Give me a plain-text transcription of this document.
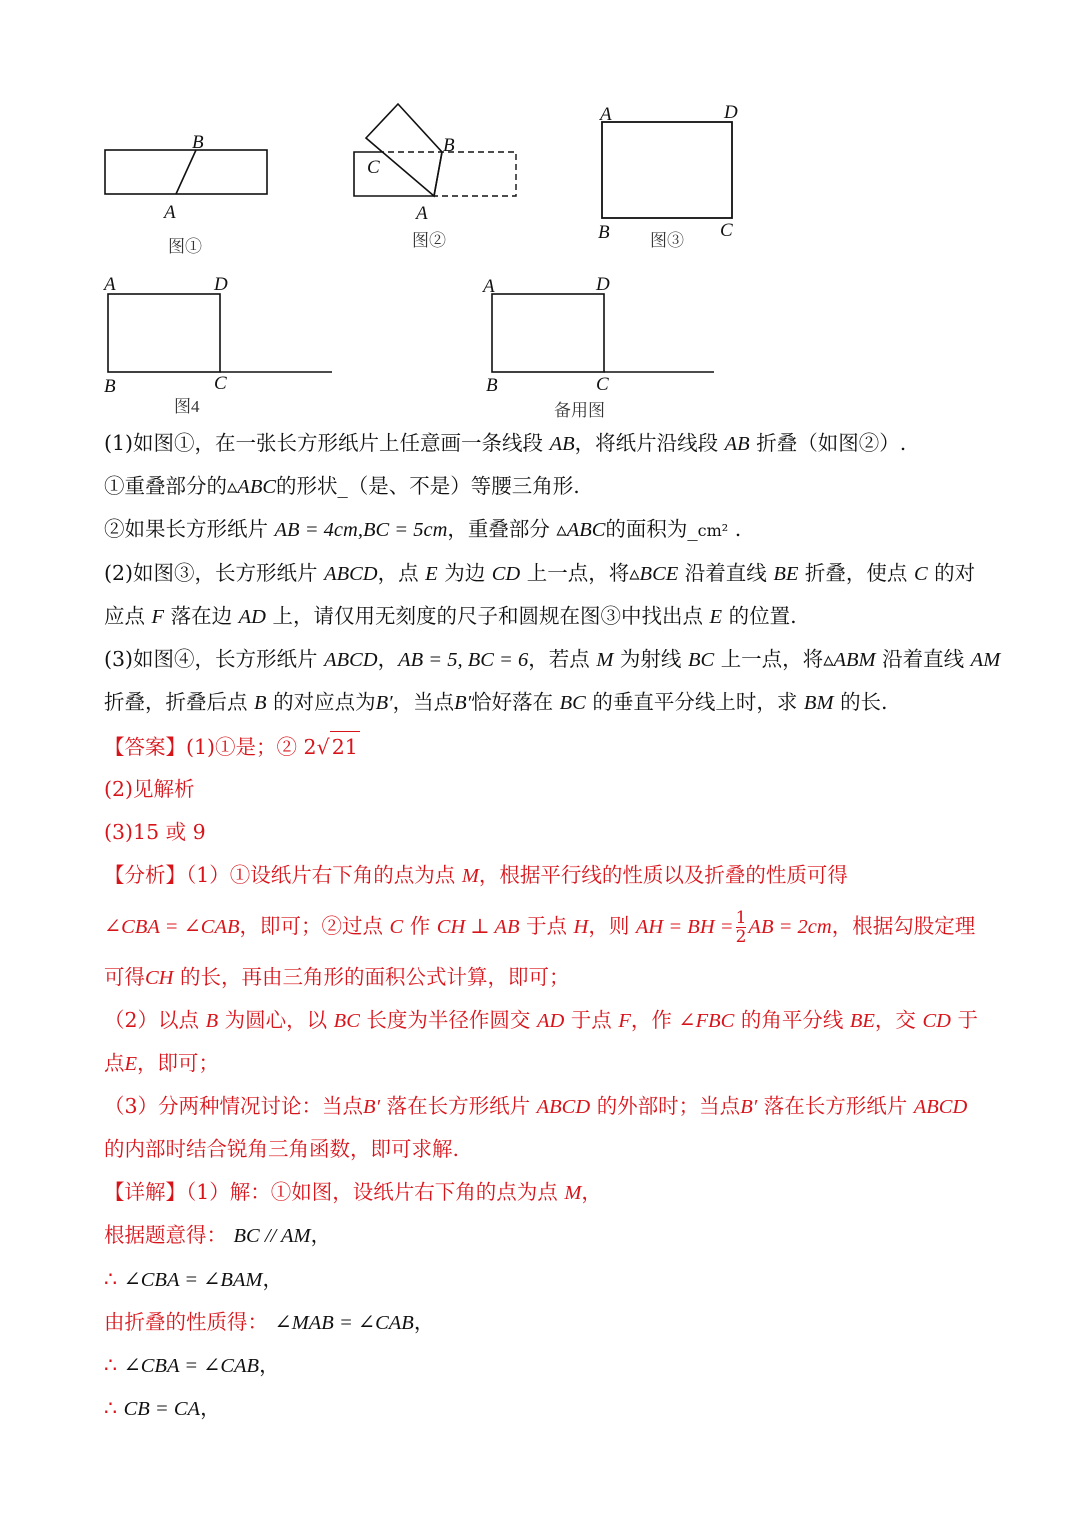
B
A
图①
B
C
A
图②
A	D
B	C
图③
A	D
B	C
图4
A	D
B	C
备用图
(1)如图①，在一张长方形纸片上任意画一条线段 AB，将纸片沿线段 AB 折叠（如图②）.
①重叠部分的▵ABC的形状_（是、不是）等腰三角形.
②如果长方形纸片 AB = 4cm,BC = 5cm，重叠部分 ▵ABC的面积为_cm² .
(2)如图③，长方形纸片 ABCD，点 E 为边 CD 上一点，将▵BCE 沿着直线 BE 折叠，使点 C 的对
应点 F 落在边 AD 上，请仅用无刻度的尺子和圆规在图③中找出点 E 的位置.
(3)如图④，长方形纸片 ABCD，AB = 5, BC = 6，若点 M 为射线 BC 上一点，将▵ABM 沿着直线 AM
折叠，折叠后点 B 的对应点为B′，当点B′恰好落在 BC 的垂直平分线上时，求 BM 的长.
【答案】(1)①是；② 2√21
(2)见解析
(3)15 或 9
【分析】（1）①设纸片右下角的点为点 M，根据平行线的性质以及折叠的性质可得
∠CBA = ∠CAB，即可；②过点 C 作 CH ⊥ AB 于点 H，则 AH = BH = $\frac{1}{2}$ AB = 2cm，根据勾股定理
可得CH 的长，再由三角形的面积公式计算，即可；
（2）以点 B 为圆心，以 BC 长度为半径作圆交 AD 于点 F，作 ∠FBC 的角平分线 BE，交 CD 于
点E，即可；
（3）分两种情况讨论：当点B′ 落在长方形纸片 ABCD 的外部时；当点B′ 落在长方形纸片 ABCD
的内部时结合锐角三角函数，即可求解.
【详解】（1）解：①如图，设纸片右下角的点为点 M，
根据题意得： BC // AM，
∴ ∠CBA = ∠BAM，
由折叠的性质得： ∠MAB = ∠CAB，
∴ ∠CBA = ∠CAB，
∴ CB = CA，
